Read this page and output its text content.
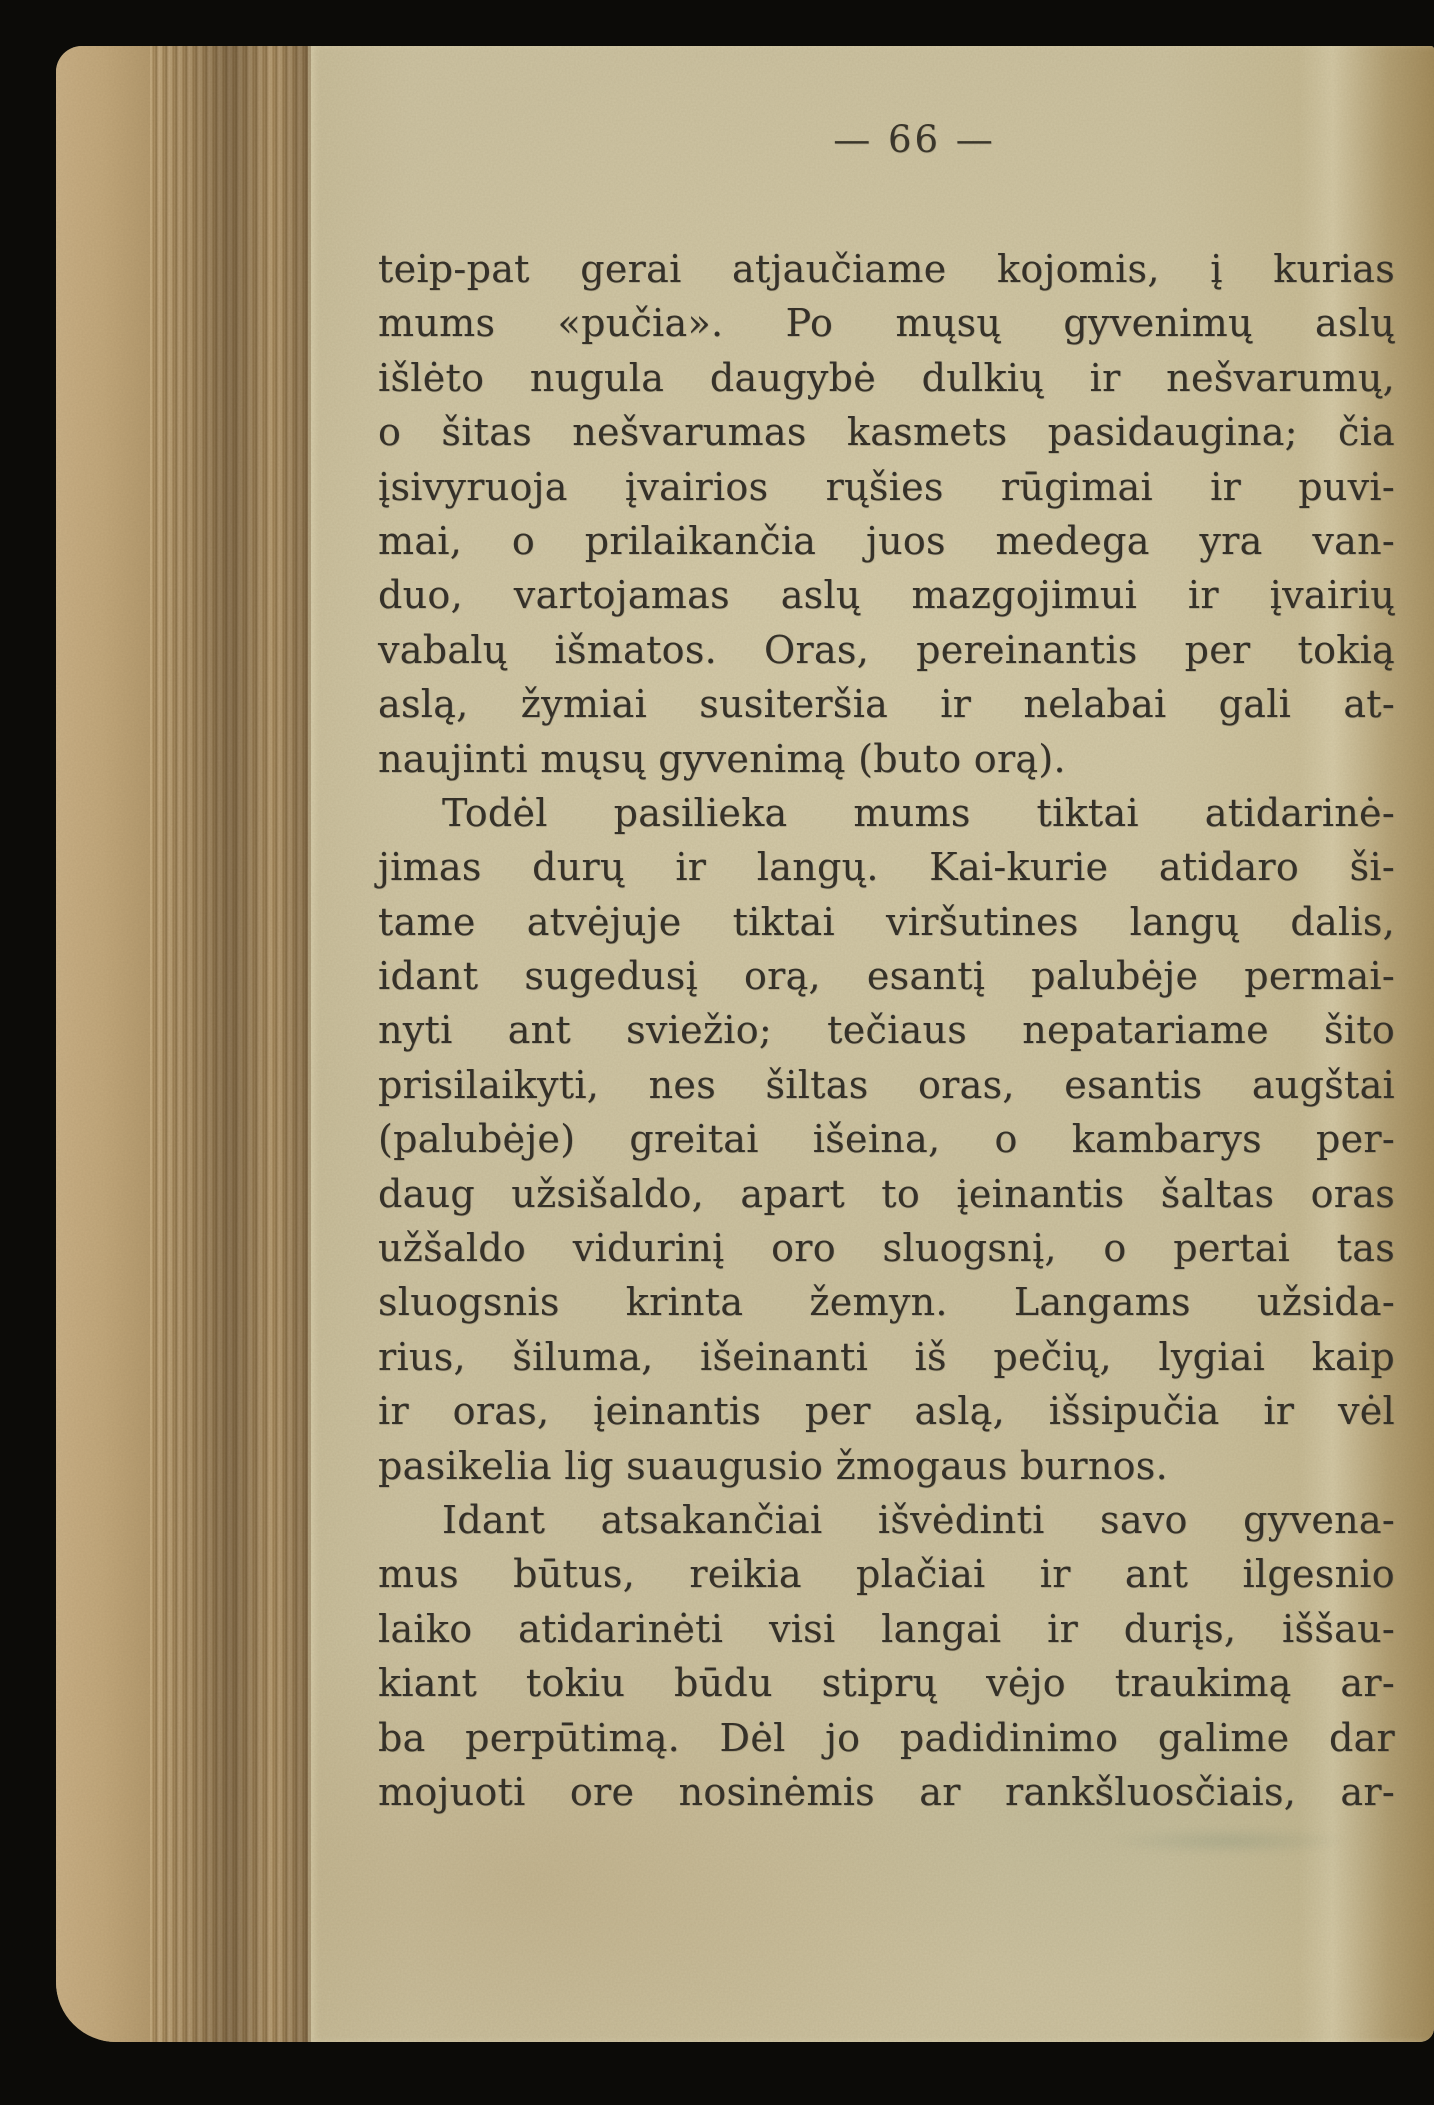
— 66 —
teip-pat gerai atjaučiame kojomis, į kurias
mums «pučia». Po mųsų gyvenimų aslų
išlėto nugula daugybė dulkių ir nešvarumų,
o šitas nešvarumas kasmets pasidaugina; čia
įsivyruoja įvairios rųšies rūgimai ir puvi-
mai, o prilaikančia juos medega yra van-
duo, vartojamas aslų mazgojimui ir įvairių
vabalų išmatos. Oras, pereinantis per tokią
aslą, žymiai susiteršia ir nelabai gali at-
naujinti mųsų gyvenimą (buto orą).
Todėl pasilieka mums tiktai atidarinė-
jimas durų ir langų. Kai-kurie atidaro ši-
tame atvėjuje tiktai viršutines langų dalis,
idant sugedusį orą, esantį palubėje permai-
nyti ant sviežio; tečiaus nepatariame šito
prisilaikyti, nes šiltas oras, esantis augštai
(palubėje) greitai išeina, o kambarys per-
daug užsišaldo, apart to įeinantis šaltas oras
užšaldo vidurinį oro sluogsnį, o pertai tas
sluogsnis krinta žemyn. Langams užsida-
rius, šiluma, išeinanti iš pečių, lygiai kaip
ir oras, įeinantis per aslą, išsipučia ir vėl
pasikelia lig suaugusio žmogaus burnos.
Idant atsakančiai išvėdinti savo gyvena-
mus būtus, reikia plačiai ir ant ilgesnio
laiko atidarinėti visi langai ir durįs, iššau-
kiant tokiu būdu stiprų vėjo traukimą ar-
ba perpūtimą. Dėl jo padidinimo galime dar
mojuoti ore nosinėmis ar rankšluosčiais, ar-
